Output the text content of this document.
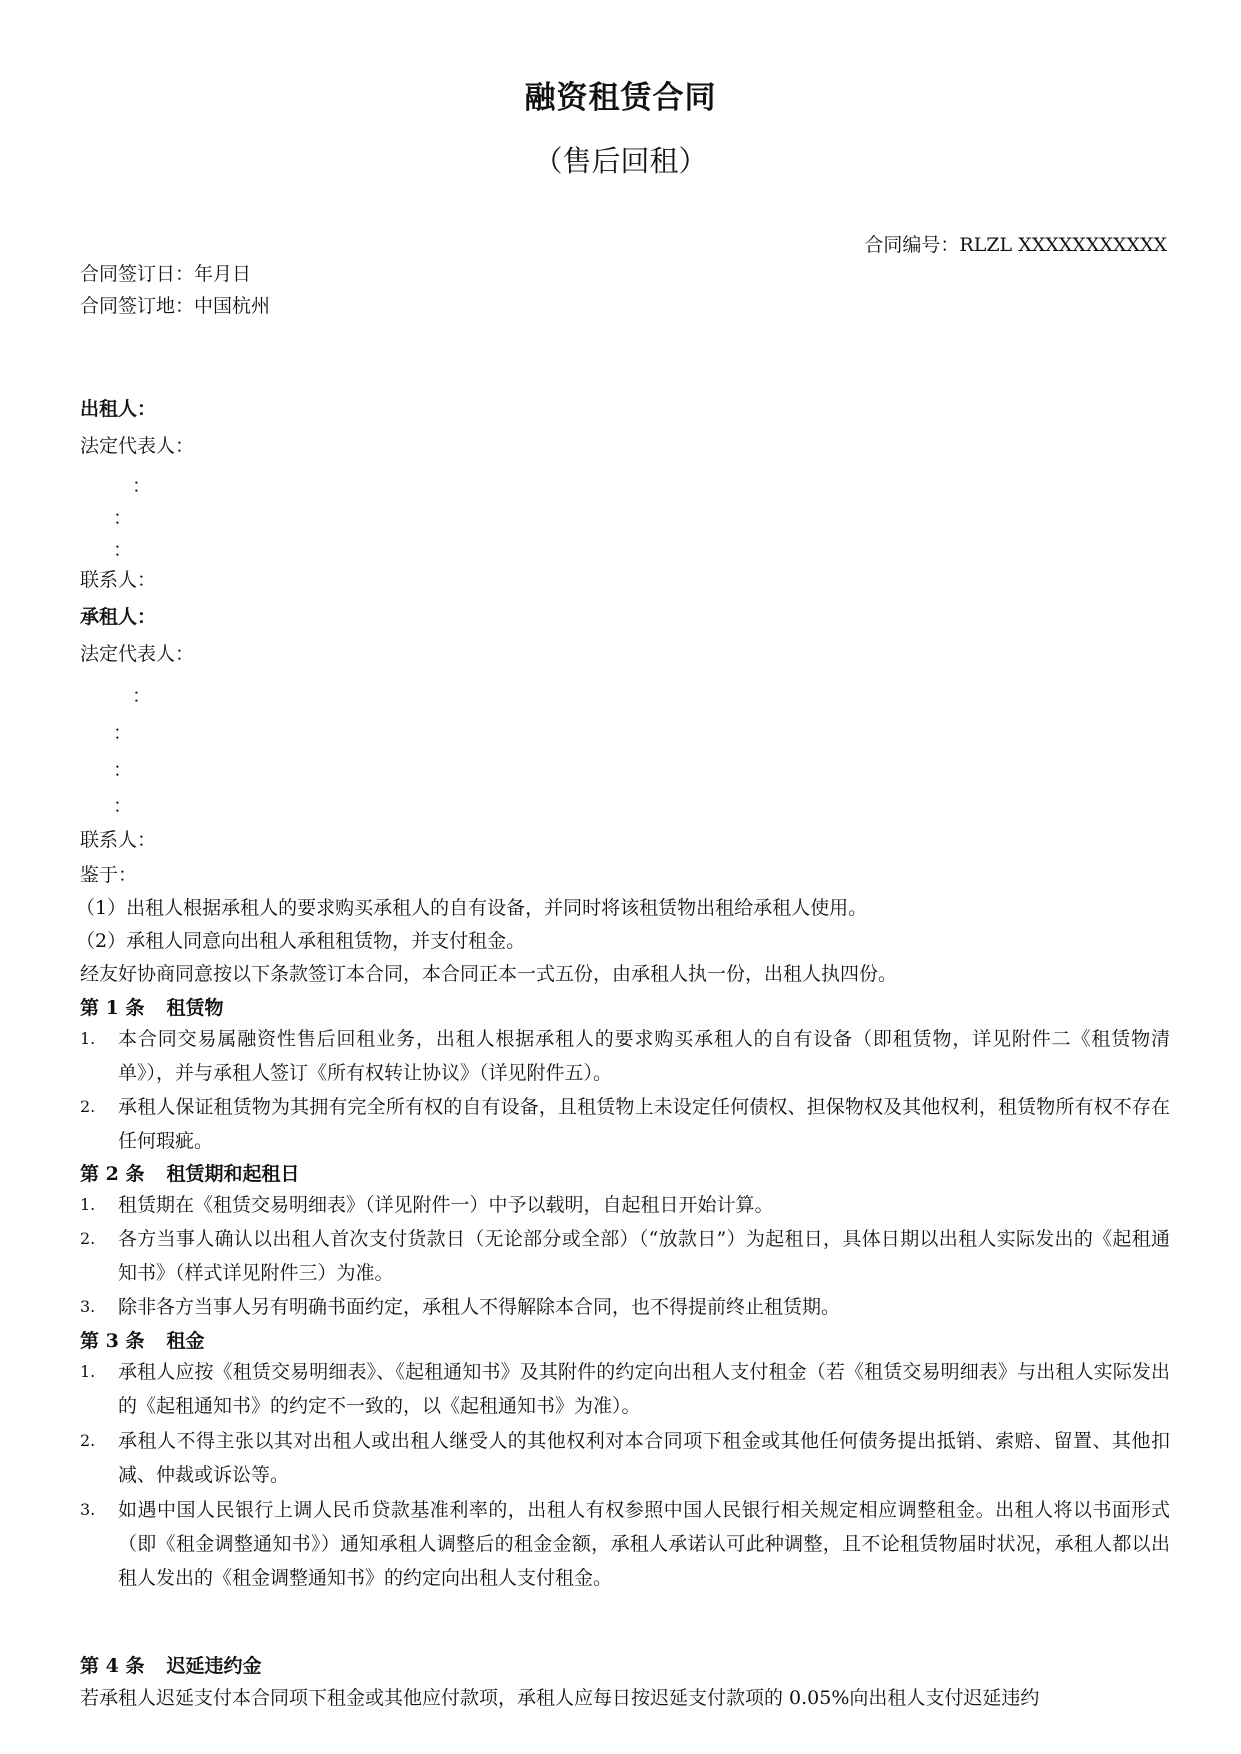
融资租赁合同
（售后回租）
合同编号：RLZL XXXXXXXXXXX
合同签订日：年月日
合同签订地：中国杭州
出租人：
法定代表人：
：
：
：
联系人：
承租人：
法定代表人：
：
：
：
：
联系人：
鉴于：
（1）出租人根据承租人的要求购买承租人的自有设备，并同时将该租赁物出租给承租人使用。
（2）承租人同意向出租人承租租赁物，并支付租金。
经友好协商同意按以下条款签订本合同，本合同正本一式五份，由承租人执一份，出租人执四份。
第 1 条 租赁物
1.	本合同交易属融资性售后回租业务，出租人根据承租人的要求购买承租人的自有设备（即租赁物，详见附件二《租赁物清单》），并与承租人签订《所有权转让协议》（详见附件五）。
2.	承租人保证租赁物为其拥有完全所有权的自有设备，且租赁物上未设定任何债权、担保物权及其他权利，租赁物所有权不存在任何瑕疵。
第 2 条 租赁期和起租日
1.	租赁期在《租赁交易明细表》（详见附件一）中予以载明，自起租日开始计算。
2.	各方当事人确认以出租人首次支付货款日（无论部分或全部）（“放款日”）为起租日，具体日期以出租人实际发出的《起租通知书》（样式详见附件三）为准。
3.	除非各方当事人另有明确书面约定，承租人不得解除本合同，也不得提前终止租赁期。
第 3 条 租金
1.	承租人应按《租赁交易明细表》、《起租通知书》及其附件的约定向出租人支付租金（若《租赁交易明细表》与出租人实际发出的《起租通知书》的约定不一致的，以《起租通知书》为准）。
2.	承租人不得主张以其对出租人或出租人继受人的其他权利对本合同项下租金或其他任何债务提出抵销、索赔、留置、其他扣减、仲裁或诉讼等。
3.	如遇中国人民银行上调人民币贷款基准利率的，出租人有权参照中国人民银行相关规定相应调整租金。出租人将以书面形式（即《租金调整通知书》）通知承租人调整后的租金金额，承租人承诺认可此种调整，且不论租赁物届时状况，承租人都以出租人发出的《租金调整通知书》的约定向出租人支付租金。
第 4 条 迟延违约金
若承租人迟延支付本合同项下租金或其他应付款项，承租人应每日按迟延支付款项的 0.05%向出租人支付迟延违约
